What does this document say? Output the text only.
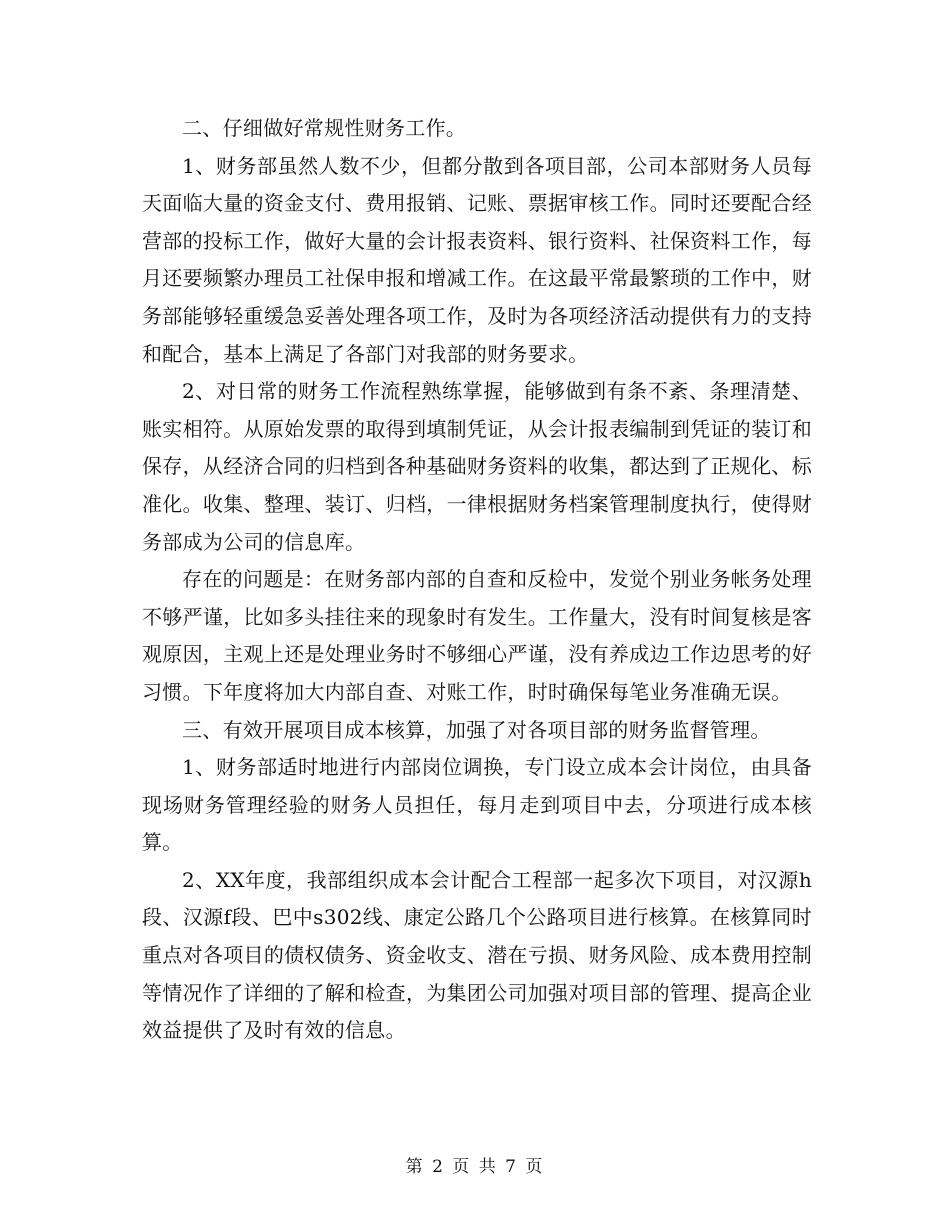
二、仔细做好常规性财务工作。

1、财务部虽然人数不少，但都分散到各项目部，公司本部财务人员每天面临大量的资金支付、费用报销、记账、票据审核工作。同时还要配合经营部的投标工作，做好大量的会计报表资料、银行资料、社保资料工作，每月还要频繁办理员工社保申报和增减工作。在这最平常最繁琐的工作中，财务部能够轻重缓急妥善处理各项工作，及时为各项经济活动提供有力的支持和配合，基本上满足了各部门对我部的财务要求。

2、对日常的财务工作流程熟练掌握，能够做到有条不紊、条理清楚、账实相符。从原始发票的取得到填制凭证，从会计报表编制到凭证的装订和保存，从经济合同的归档到各种基础财务资料的收集，都达到了正规化、标准化。收集、整理、装订、归档，一律根据财务档案管理制度执行，使得财务部成为公司的信息库。

存在的问题是：在财务部内部的自查和反检中，发觉个别业务帐务处理不够严谨，比如多头挂往来的现象时有发生。工作量大，没有时间复核是客观原因，主观上还是处理业务时不够细心严谨，没有养成边工作边思考的好习惯。下年度将加大内部自查、对账工作，时时确保每笔业务准确无误。

三、有效开展项目成本核算，加强了对各项目部的财务监督管理。

1、财务部适时地进行内部岗位调换，专门设立成本会计岗位，由具备现场财务管理经验的财务人员担任，每月走到项目中去，分项进行成本核算。

2、XX年度，我部组织成本会计配合工程部一起多次下项目，对汉源h段、汉源f段、巴中s302线、康定公路几个公路项目进行核算。在核算同时重点对各项目的债权债务、资金收支、潜在亏损、财务风险、成本费用控制等情况作了详细的了解和检查，为集团公司加强对项目部的管理、提高企业效益提供了及时有效的信息。

第 2 页 共 7 页
